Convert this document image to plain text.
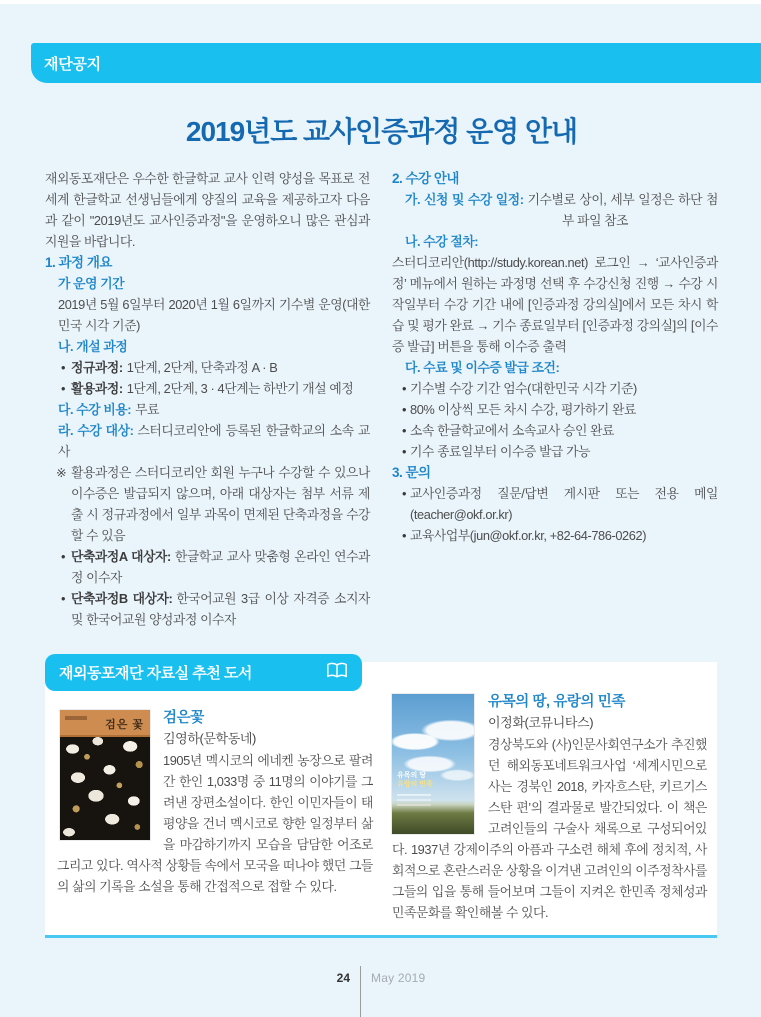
재단공지
2019년도 교사인증과정 운영 안내

재외동포재단은 우수한 한글학교 교사 인력 양성을 목표로 전 세계 한글학교 선생님들에게 양질의 교육을 제공하고자 다음과 같이 "2019년도 교사인증과정"을 운영하오니 많은 관심과 지원을 바랍니다.

1. 과정 개요

가 운영 기간

2019년 5월 6일부터 2020년 1월 6일까지 기수별 운영(대한민국 시각 기준)

나. 개설 과정

• 정규과정: 1단계, 2단계, 단축과정 A · B

• 활용과정: 1단계, 2단계, 3 · 4단계는 하반기 개설 예정

다. 수강 비용: 무료

라. 수강 대상: 스터디코리안에 등록된 한글학교의 소속 교사

※ 활용과정은 스터디코리안 회원 누구나 수강할 수 있으나 이수증은 발급되지 않으며, 아래 대상자는 첨부 서류 제출 시 정규과정에서 일부 과목이 면제된 단축과정을 수강할 수 있음

• 단축과정A 대상자: 한글학교 교사 맞춤형 온라인 연수과정 이수자

• 단축과정B 대상자: 한국어교원 3급 이상 자격증 소지자 및 한국어교원 양성과정 이수자

2. 수강 안내

가. 신청 및 수강 일정: 기수별로 상이, 세부 일정은 하단 첨부 파일 참조

나. 수강 절차:

스터디코리안(http://study.korean.net) 로그인 → ‘교사인증과정’ 메뉴에서 원하는 과정명 선택 후 수강신청 진행 → 수강 시작일부터 수강 기간 내에 [인증과정 강의실]에서 모든 차시 학습 및 평가 완료 → 기수 종료일부터 [인증과정 강의실]의 [이수증 발급] 버튼을 통해 이수증 출력

다. 수료 및 이수증 발급 조건:

• 기수별 수강 기간 엄수(대한민국 시각 기준)

• 80% 이상씩 모든 차시 수강, 평가하기 완료

• 소속 한글학교에서 소속교사 승인 완료

• 기수 종료일부터 이수증 발급 가능

3. 문의

• 교사인증과정 질문/답변 게시판 또는 전용 메일(teacher@okf.or.kr)

• 교육사업부(jun@okf.or.kr, +82-64-786-0262)

재외동포재단 자료실 추천 도서
검은 꽃	검은꽃

김영하(문학동네)

1905년 멕시코의 에네켄 농장으로 팔려간 한인 1,033명 중 11명의 이야기를 그려낸 장편소설이다. 한인 이민자들이 태평양을 건너 멕시코로 향한 일정부터 삶을 마감하기까지 모습을 담담한 어조로 그리고 있다. 역사적 상황들 속에서 모국을 떠나야 했던 그들의 삶의 기록을 소설을 통해 간접적으로 접할 수 있다.

유목의 땅
유랑의 민족

유목의 땅, 유랑의 민족

이정화(코뮤니타스)

경상북도와 (사)인문사회연구소가 추진했던 해외동포네트워크사업 ‘세계시민으로 사는 경북인 2018, 카자흐스탄, 키르기스스탄 편’의 결과물로 발간되었다. 이 책은 고려인들의 구술사 채록으로 구성되어있다. 1937년 강제이주의 아픔과 구소련 해체 후에 정치적, 사회적으로 혼란스러운 상황을 이겨낸 고려인의 이주정착사를 그들의 입을 통해 들어보며 그들이 지켜온 한민족 정체성과 민족문화를 확인해볼 수 있다.

24	May 2019
